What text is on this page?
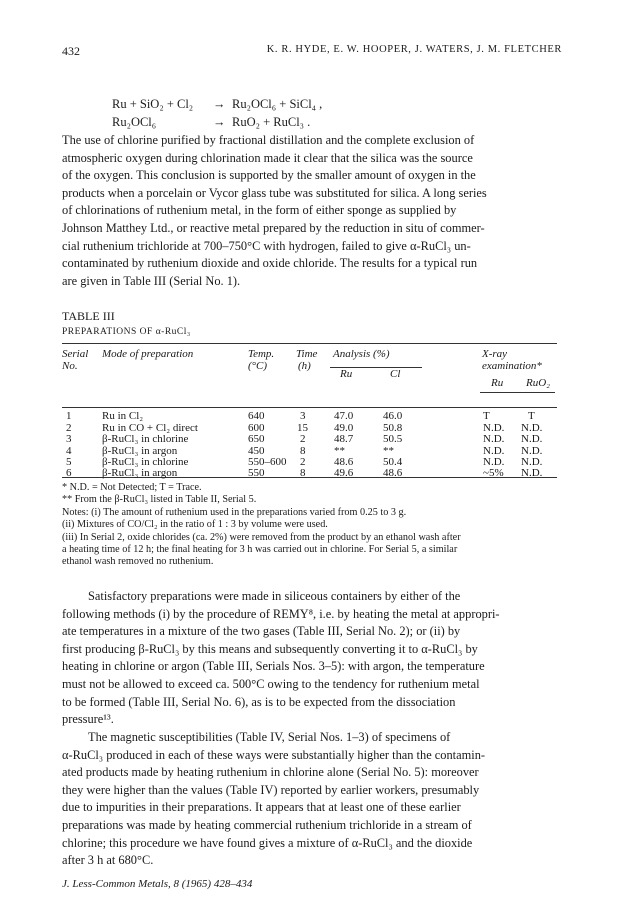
432	K. R. HYDE, E. W. HOOPER, J. WATERS, J. M. FLETCHER
Ru + SiO₂ + Cl₂ → Ru₂OCl₆ + SiCl₄ ,
Ru₂OCl₆	→ RuO₂ + RuCl₃ .
The use of chlorine purified by fractional distillation and the complete exclusion of
atmospheric oxygen during chlorination made it clear that the silica was the source
of the oxygen. This conclusion is supported by the smaller amount of oxygen in the
products when a porcelain or Vycor glass tube was substituted for silica. A long series
of chlorinations of ruthenium metal, in the form of either sponge as supplied by
Johnson Matthey Ltd., or reactive metal prepared by the reduction in situ of commer-
cial ruthenium trichloride at 700–750°C with hydrogen, failed to give α-RuCl₃ un-
contaminated by ruthenium dioxide and oxide chloride. The results for a typical run
are given in Table III (Serial No. 1).
TABLE III
PREPARATIONS OF α-RuCl₃
Serial
No.
Mode of preparation	Temp.
(°C)
Time
(h)
Analysis (%)
Ru	Cl
X-ray
examination*
Ru RuO₂
1	Ru in Cl₂	640	3	47.0	46.0	T	T
2	Ru in CO + Cl₂ direct	600	15 49.0	50.8	N.D. N.D.
3	β-RuCl₃ in chlorine	650	2	48.7	50.5	N.D. N.D.
4	β-RuCl₃ in argon	450	8	**	**	N.D. N.D.
5	β-RuCl₃ in chlorine	550–600 2	48.6	50.4	N.D. N.D.
6	β-RuCl₃ in argon	550	8	49.6	48.6	~5% N.D.
* N.D. = Not Detected; T = Trace.
** From the β-RuCl₃ listed in Table II, Serial 5.
Notes: (i) The amount of ruthenium used in the preparations varied from 0.25 to 3 g.
(ii) Mixtures of CO/Cl₂ in the ratio of 1 : 3 by volume were used.
(iii) In Serial 2, oxide chlorides (ca. 2%) were removed from the product by an ethanol wash after
a heating time of 12 h; the final heating for 3 h was carried out in chlorine. For Serial 5, a similar
ethanol wash removed no ruthenium.
Satisfactory preparations were made in siliceous containers by either of the
following methods (i) by the procedure of REMY⁸, i.e. by heating the metal at appropri-
ate temperatures in a mixture of the two gases (Table III, Serial No. 2); or (ii) by
first producing β-RuCl₃ by this means and subsequently converting it to α-RuCl₃ by
heating in chlorine or argon (Table III, Serials Nos. 3–5): with argon, the temperature
must not be allowed to exceed ca. 500°C owing to the tendency for ruthenium metal
to be formed (Table III, Serial No. 6), as is to be expected from the dissociation
pressure¹³.
The magnetic susceptibilities (Table IV, Serial Nos. 1–3) of specimens of
α-RuCl₃ produced in each of these ways were substantially higher than the contamin-
ated products made by heating ruthenium in chlorine alone (Serial No. 5): moreover
they were higher than the values (Table IV) reported by earlier workers, presumably
due to impurities in their preparations. It appears that at least one of these earlier
preparations was made by heating commercial ruthenium trichloride in a stream of
chlorine; this procedure we have found gives a mixture of α-RuCl₃ and the dioxide
after 3 h at 680°C.
J. Less-Common Metals, 8 (1965) 428–434
